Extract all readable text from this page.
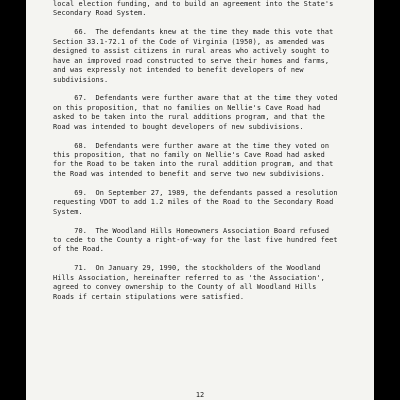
local election funding, and to build an agreement into the State's
Secondary Road System.
66.  The defendants knew at the time they made this vote that
Section 33.1-72.1 of the Code of Virginia (1950), as amended was
designed to assist citizens in rural areas who actively sought to
have an improved road constructed to serve their homes and farms,
and was expressly not intended to benefit developers of new
subdivisions.
67.  Defendants were further aware that at the time they voted
on this proposition, that no families on Nellie's Cave Road had
asked to be taken into the rural additions program, and that the
Road was intended to bought developers of new subdivisions.
68.  Defendants were further aware at the time they voted on
this proposition, that no family on Nellie's Cave Road had asked
for the Road to be taken into the rural addition program, and that
the Road was intended to benefit and serve two new subdivisions.
69.  On September 27, 1989, the defendants passed a resolution
requesting VDOT to add 1.2 miles of the Road to the Secondary Road
System.
70.  The Woodland Hills Homeowners Association Board refused
to cede to the County a right-of-way for the last five hundred feet
of the Road.
71.  On January 29, 1990, the stockholders of the Woodland
Hills Association, hereinafter referred to as 'the Association',
agreed to convey ownership to the County of all Woodland Hills
Roads if certain stipulations were satisfied.
12
